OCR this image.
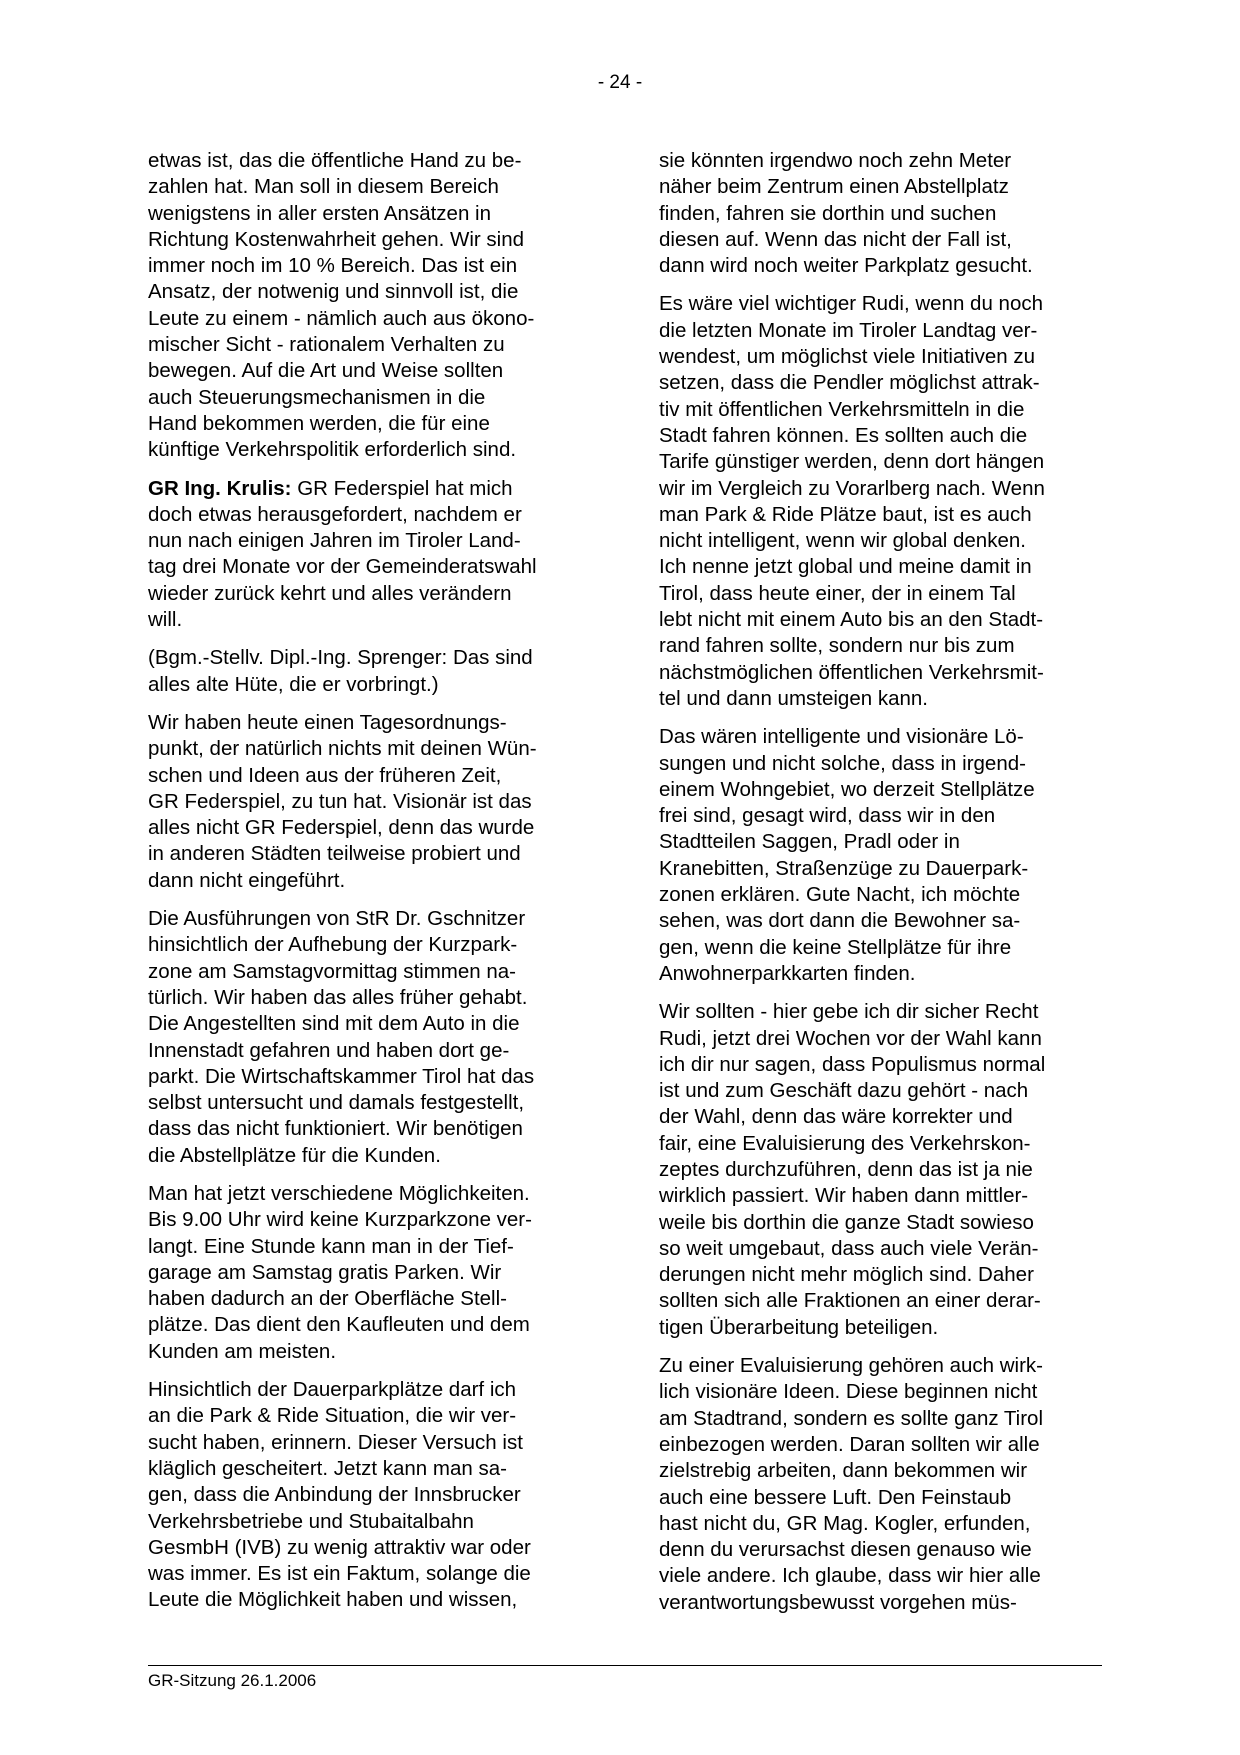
- 24 -

etwas ist, das die öffentliche Hand zu be-
zahlen hat. Man soll in diesem Bereich
wenigstens in aller ersten Ansätzen in
Richtung Kostenwahrheit gehen. Wir sind
immer noch im 10 % Bereich. Das ist ein
Ansatz, der notwenig und sinnvoll ist, die
Leute zu einem - nämlich auch aus ökono-
mischer Sicht - rationalem Verhalten zu
bewegen. Auf die Art und Weise sollten
auch Steuerungsmechanismen in die
Hand bekommen werden, die für eine
künftige Verkehrspolitik erforderlich sind.

GR Ing. Krulis: GR Federspiel hat mich
doch etwas herausgefordert, nachdem er
nun nach einigen Jahren im Tiroler Land-
tag drei Monate vor der Gemeinderatswahl
wieder zurück kehrt und alles verändern
will.

(Bgm.-Stellv. Dipl.-Ing. Sprenger: Das sind
alles alte Hüte, die er vorbringt.)

Wir haben heute einen Tagesordnungs-
punkt, der natürlich nichts mit deinen Wün-
schen und Ideen aus der früheren Zeit,
GR Federspiel, zu tun hat. Visionär ist das
alles nicht GR Federspiel, denn das wurde
in anderen Städten teilweise probiert und
dann nicht eingeführt.

Die Ausführungen von StR Dr. Gschnitzer
hinsichtlich der Aufhebung der Kurzpark-
zone am Samstagvormittag stimmen na-
türlich. Wir haben das alles früher gehabt.
Die Angestellten sind mit dem Auto in die
Innenstadt gefahren und haben dort ge-
parkt. Die Wirtschaftskammer Tirol hat das
selbst untersucht und damals festgestellt,
dass das nicht funktioniert. Wir benötigen
die Abstellplätze für die Kunden.

Man hat jetzt verschiedene Möglichkeiten.
Bis 9.00 Uhr wird keine Kurzparkzone ver-
langt. Eine Stunde kann man in der Tief-
garage am Samstag gratis Parken. Wir
haben dadurch an der Oberfläche Stell-
plätze. Das dient den Kaufleuten und dem
Kunden am meisten.

Hinsichtlich der Dauerparkplätze darf ich
an die Park & Ride Situation, die wir ver-
sucht haben, erinnern. Dieser Versuch ist
kläglich gescheitert. Jetzt kann man sa-
gen, dass die Anbindung der Innsbrucker
Verkehrsbetriebe und Stubaitalbahn
GesmbH (IVB) zu wenig attraktiv war oder
was immer. Es ist ein Faktum, solange die
Leute die Möglichkeit haben und wissen,

sie könnten irgendwo noch zehn Meter
näher beim Zentrum einen Abstellplatz
finden, fahren sie dorthin und suchen
diesen auf. Wenn das nicht der Fall ist,
dann wird noch weiter Parkplatz gesucht.

Es wäre viel wichtiger Rudi, wenn du noch
die letzten Monate im Tiroler Landtag ver-
wendest, um möglichst viele Initiativen zu
setzen, dass die Pendler möglichst attrak-
tiv mit öffentlichen Verkehrsmitteln in die
Stadt fahren können. Es sollten auch die
Tarife günstiger werden, denn dort hängen
wir im Vergleich zu Vorarlberg nach. Wenn
man Park & Ride Plätze baut, ist es auch
nicht intelligent, wenn wir global denken.
Ich nenne jetzt global und meine damit in
Tirol, dass heute einer, der in einem Tal
lebt nicht mit einem Auto bis an den Stadt-
rand fahren sollte, sondern nur bis zum
nächstmöglichen öffentlichen Verkehrsmit-
tel und dann umsteigen kann.

Das wären intelligente und visionäre Lö-
sungen und nicht solche, dass in irgend-
einem Wohngebiet, wo derzeit Stellplätze
frei sind, gesagt wird, dass wir in den
Stadtteilen Saggen, Pradl oder in
Kranebitten, Straßenzüge zu Dauerpark-
zonen erklären. Gute Nacht, ich möchte
sehen, was dort dann die Bewohner sa-
gen, wenn die keine Stellplätze für ihre
Anwohnerparkkarten finden.

Wir sollten - hier gebe ich dir sicher Recht
Rudi, jetzt drei Wochen vor der Wahl kann
ich dir nur sagen, dass Populismus normal
ist und zum Geschäft dazu gehört - nach
der Wahl, denn das wäre korrekter und
fair, eine Evaluisierung des Verkehrskon-
zeptes durchzuführen, denn das ist ja nie
wirklich passiert. Wir haben dann mittler-
weile bis dorthin die ganze Stadt sowieso
so weit umgebaut, dass auch viele Verän-
derungen nicht mehr möglich sind. Daher
sollten sich alle Fraktionen an einer derar-
tigen Überarbeitung beteiligen.

Zu einer Evaluisierung gehören auch wirk-
lich visionäre Ideen. Diese beginnen nicht
am Stadtrand, sondern es sollte ganz Tirol
einbezogen werden. Daran sollten wir alle
zielstrebig arbeiten, dann bekommen wir
auch eine bessere Luft. Den Feinstaub
hast nicht du, GR Mag. Kogler, erfunden,
denn du verursachst diesen genauso wie
viele andere. Ich glaube, dass wir hier alle
verantwortungsbewusst vorgehen müs-

GR-Sitzung 26.1.2006
